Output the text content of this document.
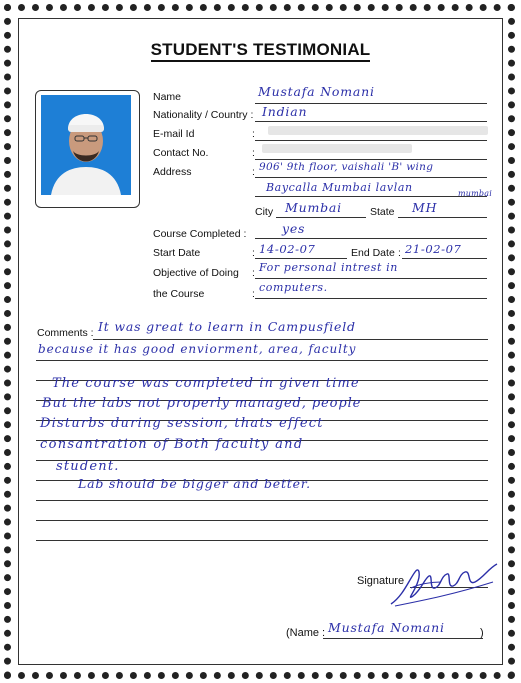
STUDENT'S TESTIMONIAL
Name	Mustafa Nomani
Nationality / Country : Indian
E-mail Id	:
Contact No.	:
Address	: 906' 9th floor, vaishali 'B' wing
Baycalla Mumbai lavlan	mumbai
City Mumbai	State MH
Course Completed :	yes
Start Date	: 14-02-07	End Date : 21-02-07
Objective of Doing : For personal intrest in
the Course	: computers.
Comments : It was great to learn in Campusfield
because it has good enviorment, area, faculty
The course was completed in given time
But the labs not properly managed, people
Disturbs during session, thats effect
consantration of Both faculty and
student.
Lab should be bigger and better.
Signature
(Name : Mustafa Nomani	)
